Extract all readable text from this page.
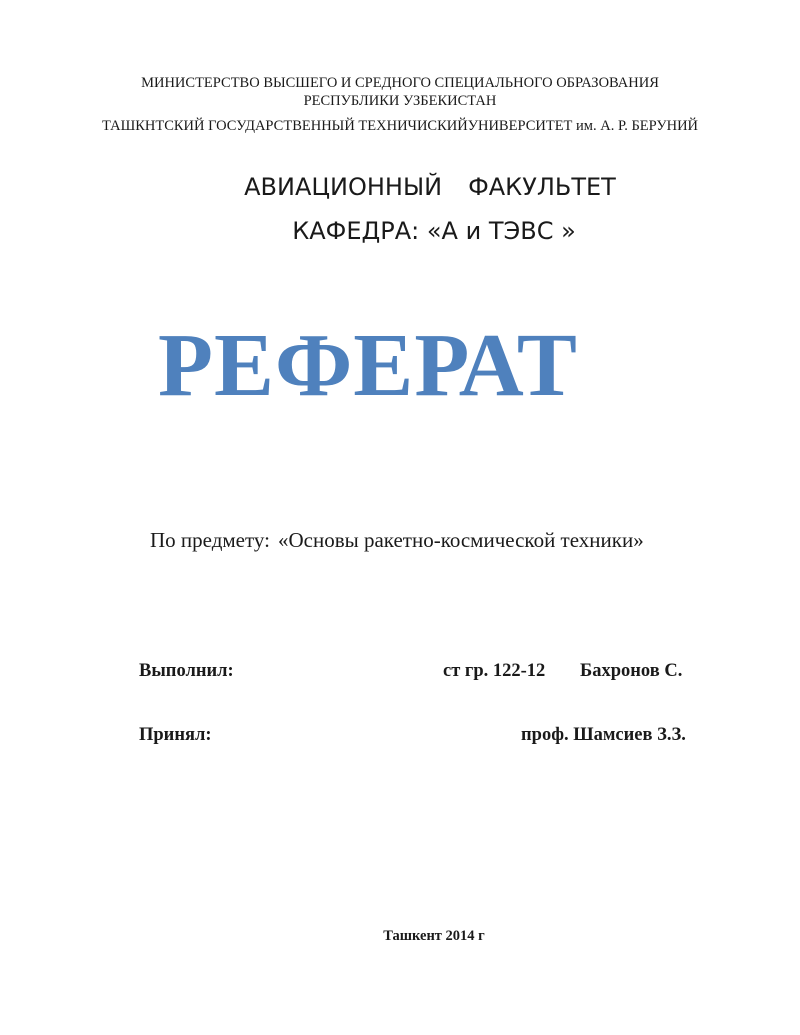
МИНИСТЕРСТВО ВЫСШЕГО И СРЕДНОГО СПЕЦИАЛЬНОГО ОБРАЗОВАНИЯ
РЕСПУБЛИКИ УЗБЕКИСТАН
ТАШКНТСКИЙ ГОСУДАРСТВЕННЫЙ ТЕХНИЧИСКИЙУНИВЕРСИТЕТ им. А. Р. БЕРУНИЙ
АВИАЦИОННЫЙ ФАКУЛЬТЕТ
КАФЕДРА: «А и ТЭВС »
РЕФЕРАТ
По предмету: «Основы ракетно-космической техники»
Выполнил:	ст гр. 122-12 Бахронов С.
Принял:	проф. Шамсиев З.З.
Ташкент 2014 г
